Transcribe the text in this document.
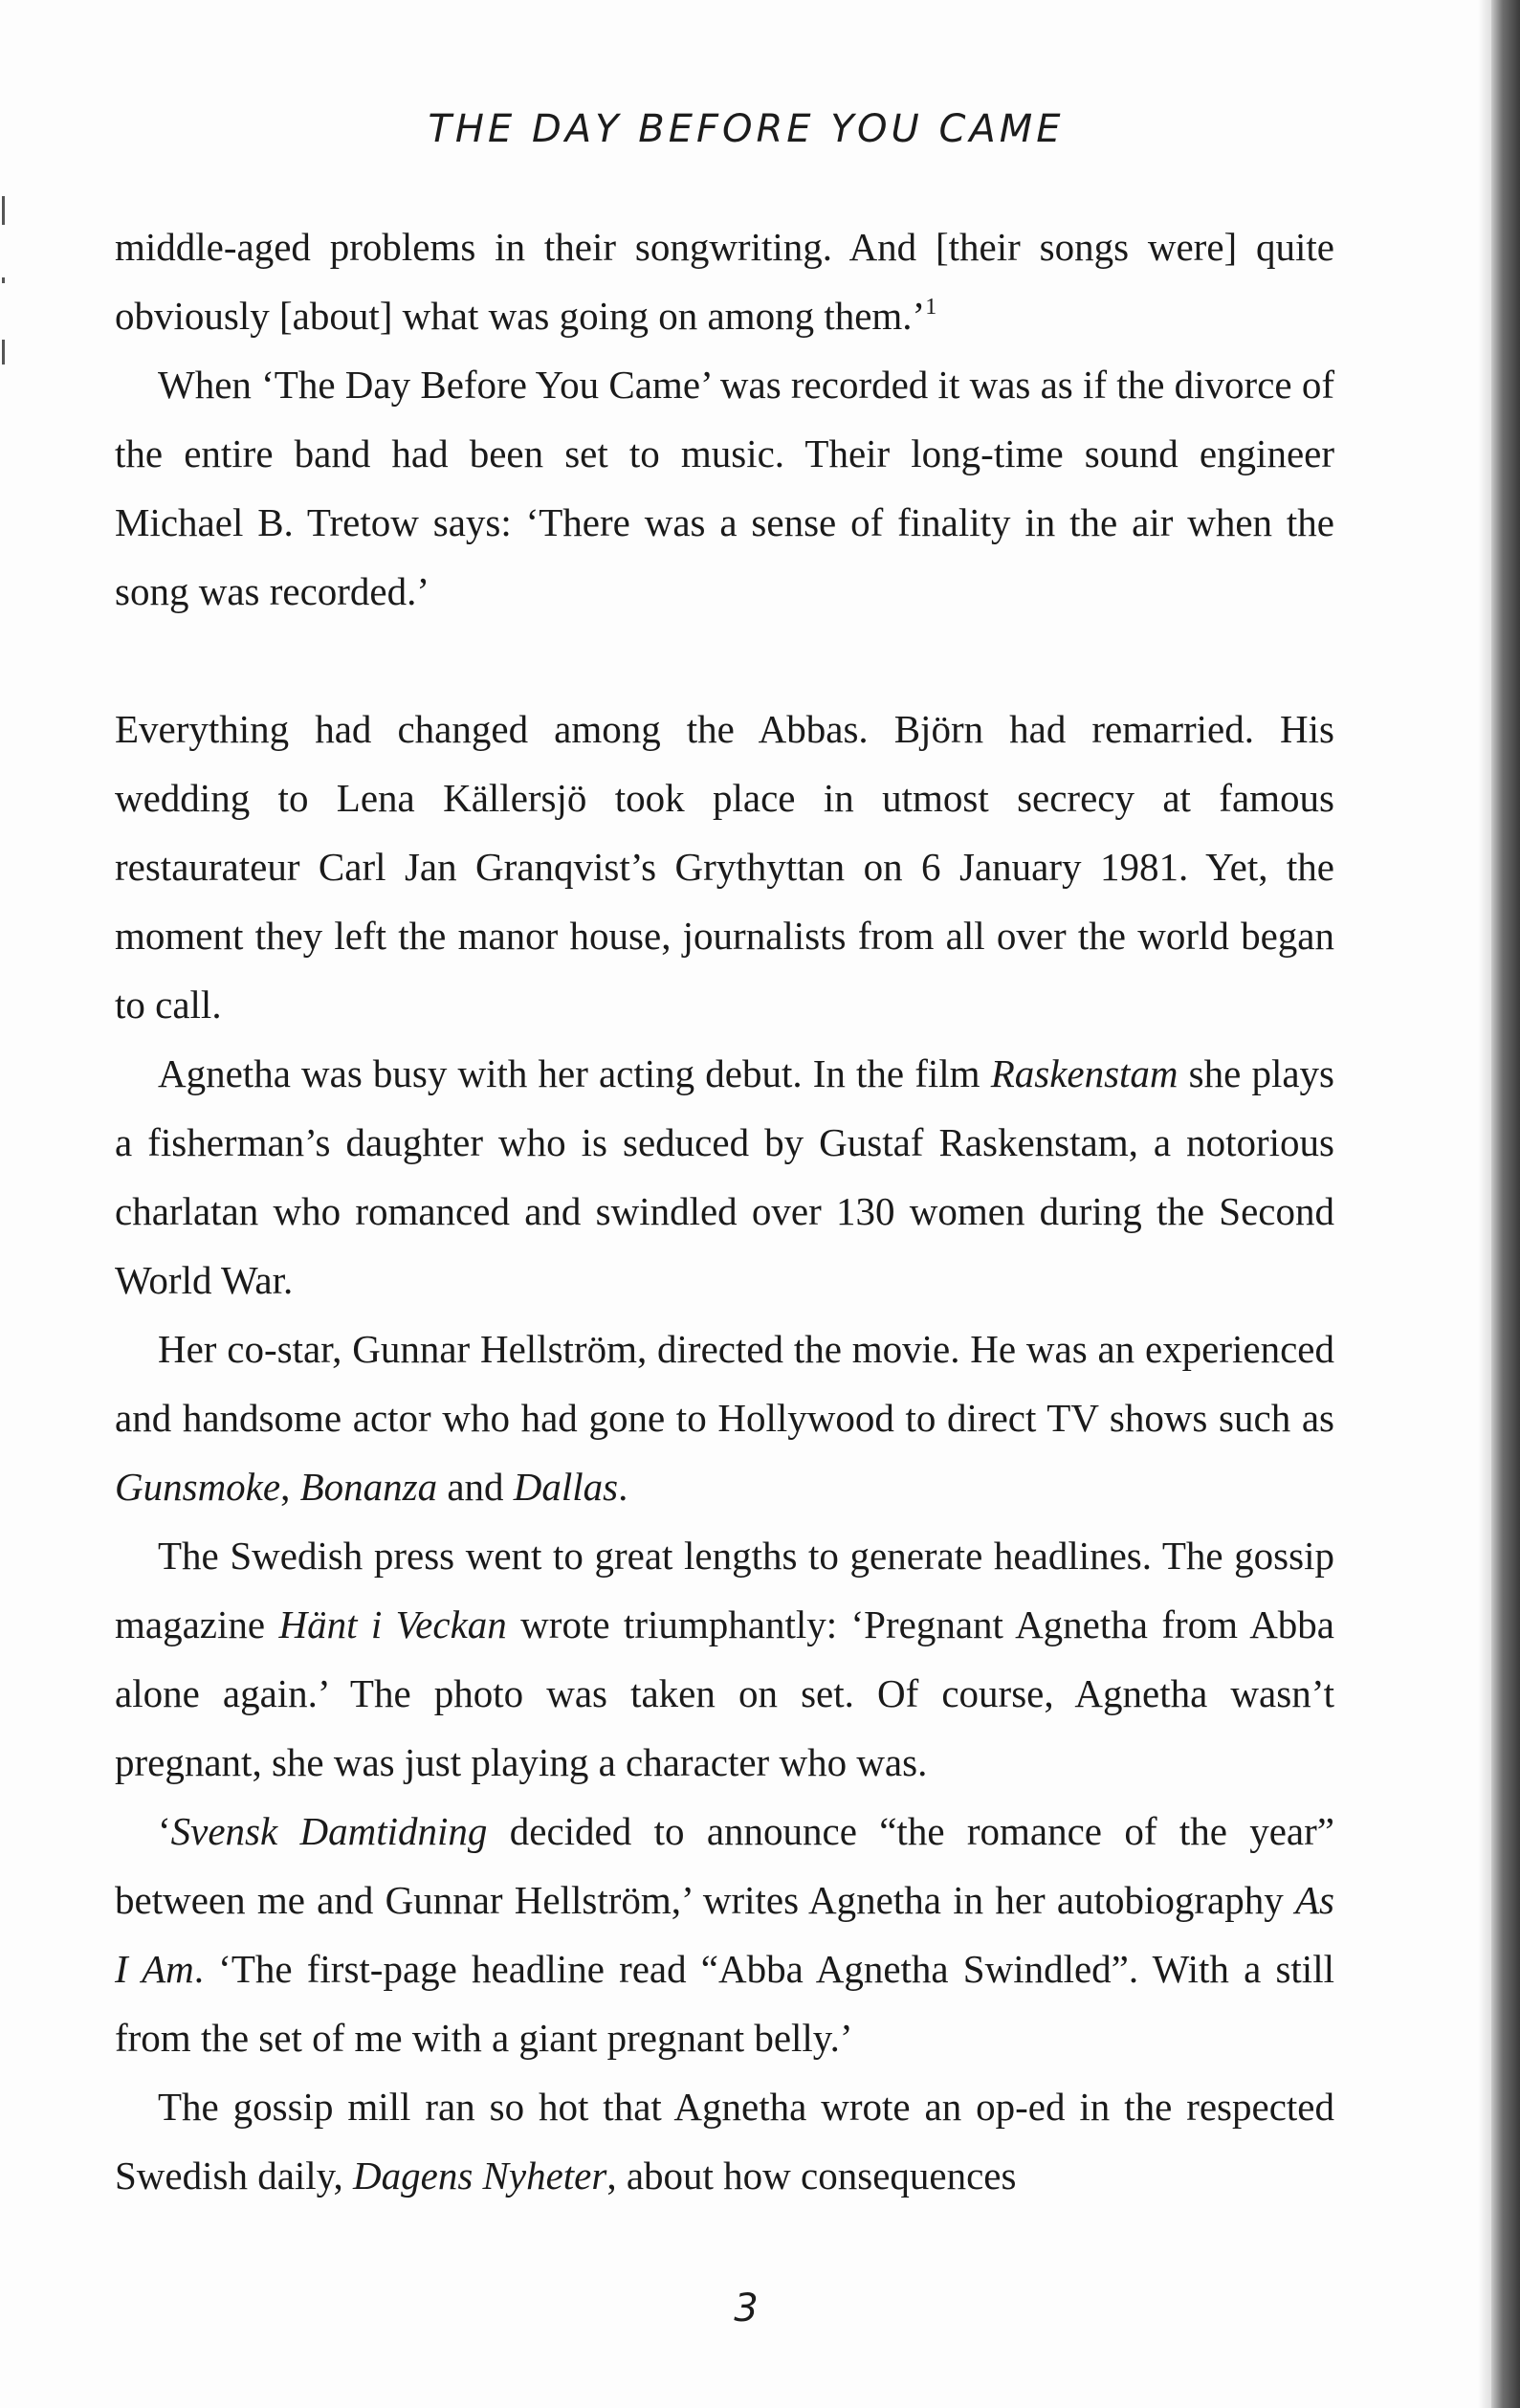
THE DAY BEFORE YOU CAME

middle-aged problems in their songwriting. And [their songs were] quite obviously [about] what was going on among them.’$^1$

When ‘The Day Before You Came’ was recorded it was as if the divorce of the entire band had been set to music. Their long-time sound engineer Michael B. Tretow says: ‘There was a sense of finality in the air when the song was recorded.’

Everything had changed among the Abbas. Björn had remarried. His wedding to Lena Källersjö took place in utmost secrecy at famous restaurateur Carl Jan Granqvist’s Grythyttan on 6 January 1981. Yet, the moment they left the manor house, journalists from all over the world began to call.

Agnetha was busy with her acting debut. In the film Raskenstam she plays a fisherman’s daughter who is seduced by Gustaf Raskenstam, a notorious charlatan who romanced and swindled over 130 women during the Second World War.

Her co-star, Gunnar Hellström, directed the movie. He was an experienced and handsome actor who had gone to Hollywood to direct TV shows such as Gunsmoke, Bonanza and Dallas.

The Swedish press went to great lengths to generate headlines. The gossip magazine Hänt i Veckan wrote triumphantly: ‘Pregnant Agnetha from Abba alone again.’ The photo was taken on set. Of course, Agnetha wasn’t pregnant, she was just playing a character who was.

‘Svensk Damtidning decided to announce “the romance of the year” between me and Gunnar Hellström,’ writes Agnetha in her autobiography As I Am. ‘The first-page headline read “Abba Agnetha Swindled”. With a still from the set of me with a giant pregnant belly.’

The gossip mill ran so hot that Agnetha wrote an op-ed in the respected Swedish daily, Dagens Nyheter, about how consequences

3
